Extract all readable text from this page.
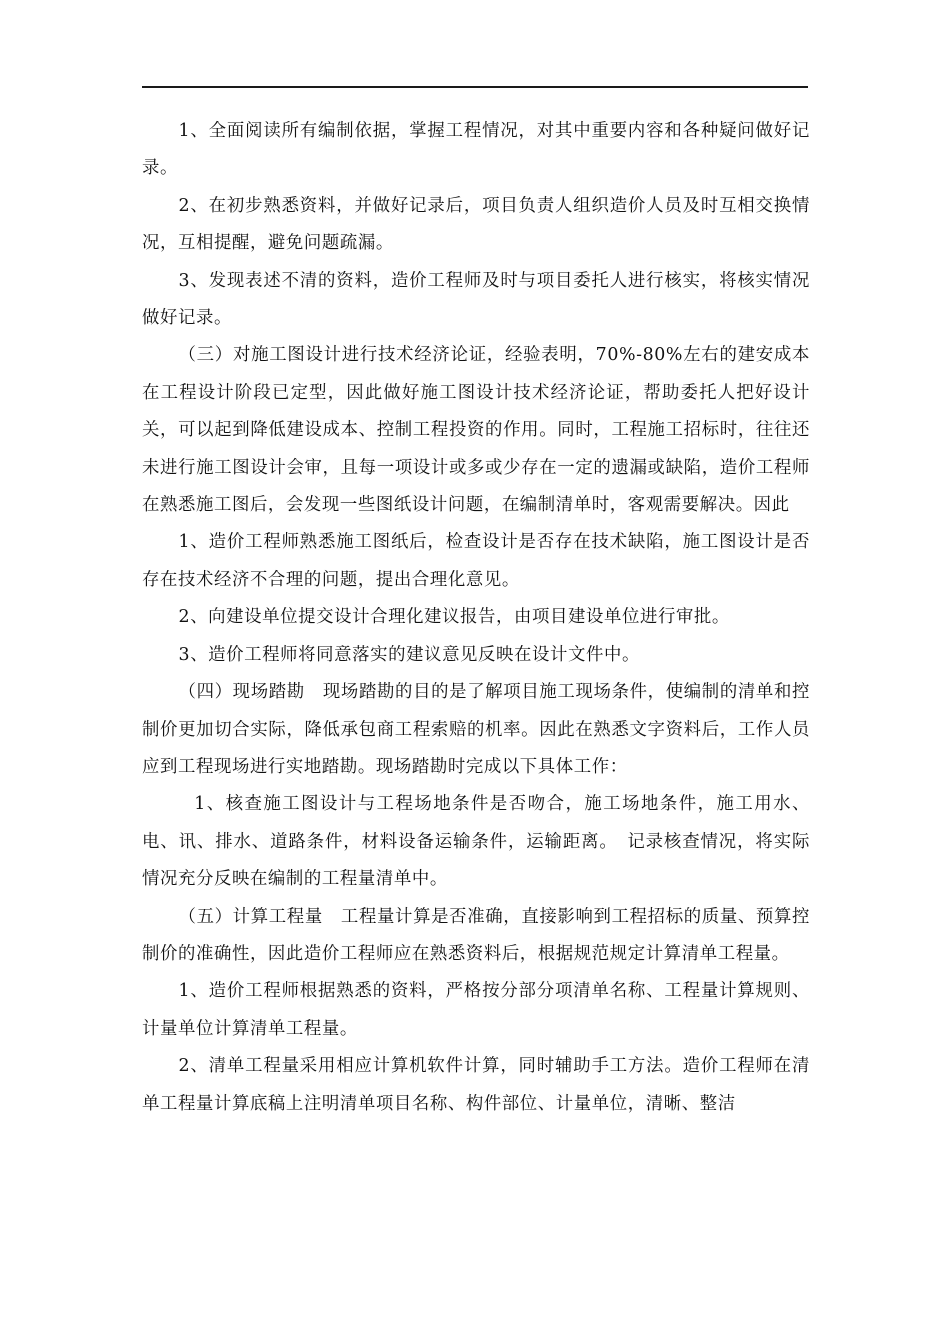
1、全面阅读所有编制依据，掌握工程情况，对其中重要内容和各种疑问做好记录。

2、在初步熟悉资料，并做好记录后，项目负责人组织造价人员及时互相交换情况，互相提醒，避免问题疏漏。

3、发现表述不清的资料，造价工程师及时与项目委托人进行核实，将核实情况做好记录。

（三）对施工图设计进行技术经济论证，经验表明，70%-80%左右的建安成本在工程设计阶段已定型，因此做好施工图设计技术经济论证，帮助委托人把好设计关，可以起到降低建设成本、控制工程投资的作用。同时，工程施工招标时，往往还未进行施工图设计会审，且每一项设计或多或少存在一定的遗漏或缺陷，造价工程师在熟悉施工图后，会发现一些图纸设计问题，在编制清单时，客观需要解决。因此

1、造价工程师熟悉施工图纸后，检查设计是否存在技术缺陷，施工图设计是否存在技术经济不合理的问题，提出合理化意见。

2、向建设单位提交设计合理化建议报告，由项目建设单位进行审批。

3、造价工程师将同意落实的建议意见反映在设计文件中。

（四）现场踏勘　现场踏勘的目的是了解项目施工现场条件，使编制的清单和控制价更加切合实际，降低承包商工程索赔的机率。因此在熟悉文字资料后，工作人员应到工程现场进行实地踏勘。现场踏勘时完成以下具体工作：

1、核查施工图设计与工程场地条件是否吻合，施工场地条件，施工用水、电、讯、排水、道路条件，材料设备运输条件，运输距离。　记录核查情况，将实际情况充分反映在编制的工程量清单中。

（五）计算工程量　工程量计算是否准确，直接影响到工程招标的质量、预算控制价的准确性，因此造价工程师应在熟悉资料后，根据规范规定计算清单工程量。

1、造价工程师根据熟悉的资料，严格按分部分项清单名称、工程量计算规则、计量单位计算清单工程量。

2、清单工程量采用相应计算机软件计算，同时辅助手工方法。造价工程师在清单工程量计算底稿上注明清单项目名称、构件部位、计量单位，清晰、整洁
